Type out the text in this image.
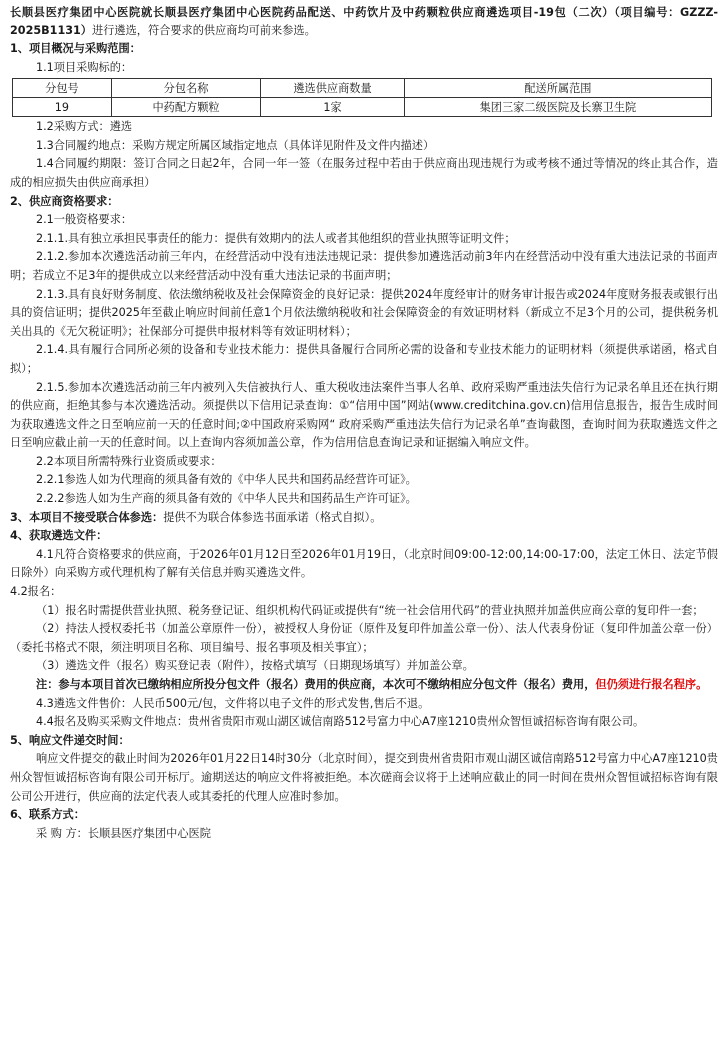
长顺县医疗集团中心医院就长顺县医疗集团中心医院药品配送、中药饮片及中药颗粒供应商遴选项目-19包（二次）（项目编号：GZZZ-2025B1131）进行遴选，符合要求的供应商均可前来参选。

1、项目概况与采购范围：

1.1项目采购标的：

分包号	分包名称	遴选供应商数量	配送所属范围
19	中药配方颗粒	1家	集团三家二级医院及长寨卫生院

1.2采购方式：遴选

1.3合同履约地点：采购方规定所属区域指定地点（具体详见附件及文件内描述）

1.4合同履约期限：签订合同之日起2年，合同一年一签（在服务过程中若由于供应商出现违规行为或考核不通过等情况的终止其合作，造成的相应损失由供应商承担）

2、供应商资格要求：

2.1一般资格要求：

2.1.1.具有独立承担民事责任的能力：提供有效期内的法人或者其他组织的营业执照等证明文件；

2.1.2.参加本次遴选活动前三年内，在经营活动中没有违法违规记录：提供参加遴选活动前3年内在经营活动中没有重大违法记录的书面声明；若成立不足3年的提供成立以来经营活动中没有重大违法记录的书面声明；

2.1.3.具有良好财务制度、依法缴纳税收及社会保障资金的良好记录：提供2024年度经审计的财务审计报告或2024年度财务报表或银行出具的资信证明；提供2025年至截止响应时间前任意1个月依法缴纳税收和社会保障资金的有效证明材料（新成立不足3个月的公司，提供税务机关出具的《无欠税证明》；社保部分可提供申报材料等有效证明材料）；

2.1.4.具有履行合同所必须的设备和专业技术能力：提供具备履行合同所必需的设备和专业技术能力的证明材料（须提供承诺函，格式自拟）；

2.1.5.参加本次遴选活动前三年内被列入失信被执行人、重大税收违法案件当事人名单、政府采购严重违法失信行为记录名单且还在执行期的供应商，拒绝其参与本次遴选活动。须提供以下信用记录查询：①“信用中国”网站(www.creditchina.gov.cn)信用信息报告，报告生成时间为获取遴选文件之日至响应前一天的任意时间;②中国政府采购网“ 政府采购严重违法失信行为记录名单”查询截图，查询时间为获取遴选文件之日至响应截止前一天的任意时间。以上查询内容须加盖公章，作为信用信息查询记录和证据编入响应文件。

2.2本项目所需特殊行业资质或要求：

2.2.1参选人如为代理商的须具备有效的《中华人民共和国药品经营许可证》。

2.2.2参选人如为生产商的须具备有效的《中华人民共和国药品生产许可证》。

3、本项目不接受联合体参选：提供不为联合体参选书面承诺（格式自拟）。

4、获取遴选文件：

4.1凡符合资格要求的供应商，于2026年01月12日至2026年01月19日，（北京时间09:00-12:00,14:00-17:00，法定工休日、法定节假日除外）向采购方或代理机构了解有关信息并购买遴选文件。

4.2报名：

（1）报名时需提供营业执照、税务登记证、组织机构代码证或提供有“统一社会信用代码”的营业执照并加盖供应商公章的复印件一套；

（2）持法人授权委托书（加盖公章原件一份），被授权人身份证（原件及复印件加盖公章一份）、法人代表身份证（复印件加盖公章一份）（委托书格式不限，须注明项目名称、项目编号、报名事项及相关事宜）；

（3）遴选文件（报名）购买登记表（附件），按格式填写（日期现场填写）并加盖公章。

注：参与本项目首次已缴纳相应所投分包文件（报名）费用的供应商，本次可不缴纳相应分包文件（报名）费用，但仍须进行报名程序。

4.3遴选文件售价：人民币500元/包，文件将以电子文件的形式发售,售后不退。

4.4报名及购买采购文件地点：贵州省贵阳市观山湖区诚信南路512号富力中心A7座1210贵州众智恒诚招标咨询有限公司。

5、响应文件递交时间：

响应文件提交的截止时间为2026年01月22日14时30分（北京时间），提交到贵州省贵阳市观山湖区诚信南路512号富力中心A7座1210贵州众智恒诚招标咨询有限公司开标厅。逾期送达的响应文件将被拒绝。本次磋商会议将于上述响应截止的同一时间在贵州众智恒诚招标咨询有限公司公开进行，供应商的法定代表人或其委托的代理人应准时参加。

6、联系方式：

采 购 方：长顺县医疗集团中心医院
